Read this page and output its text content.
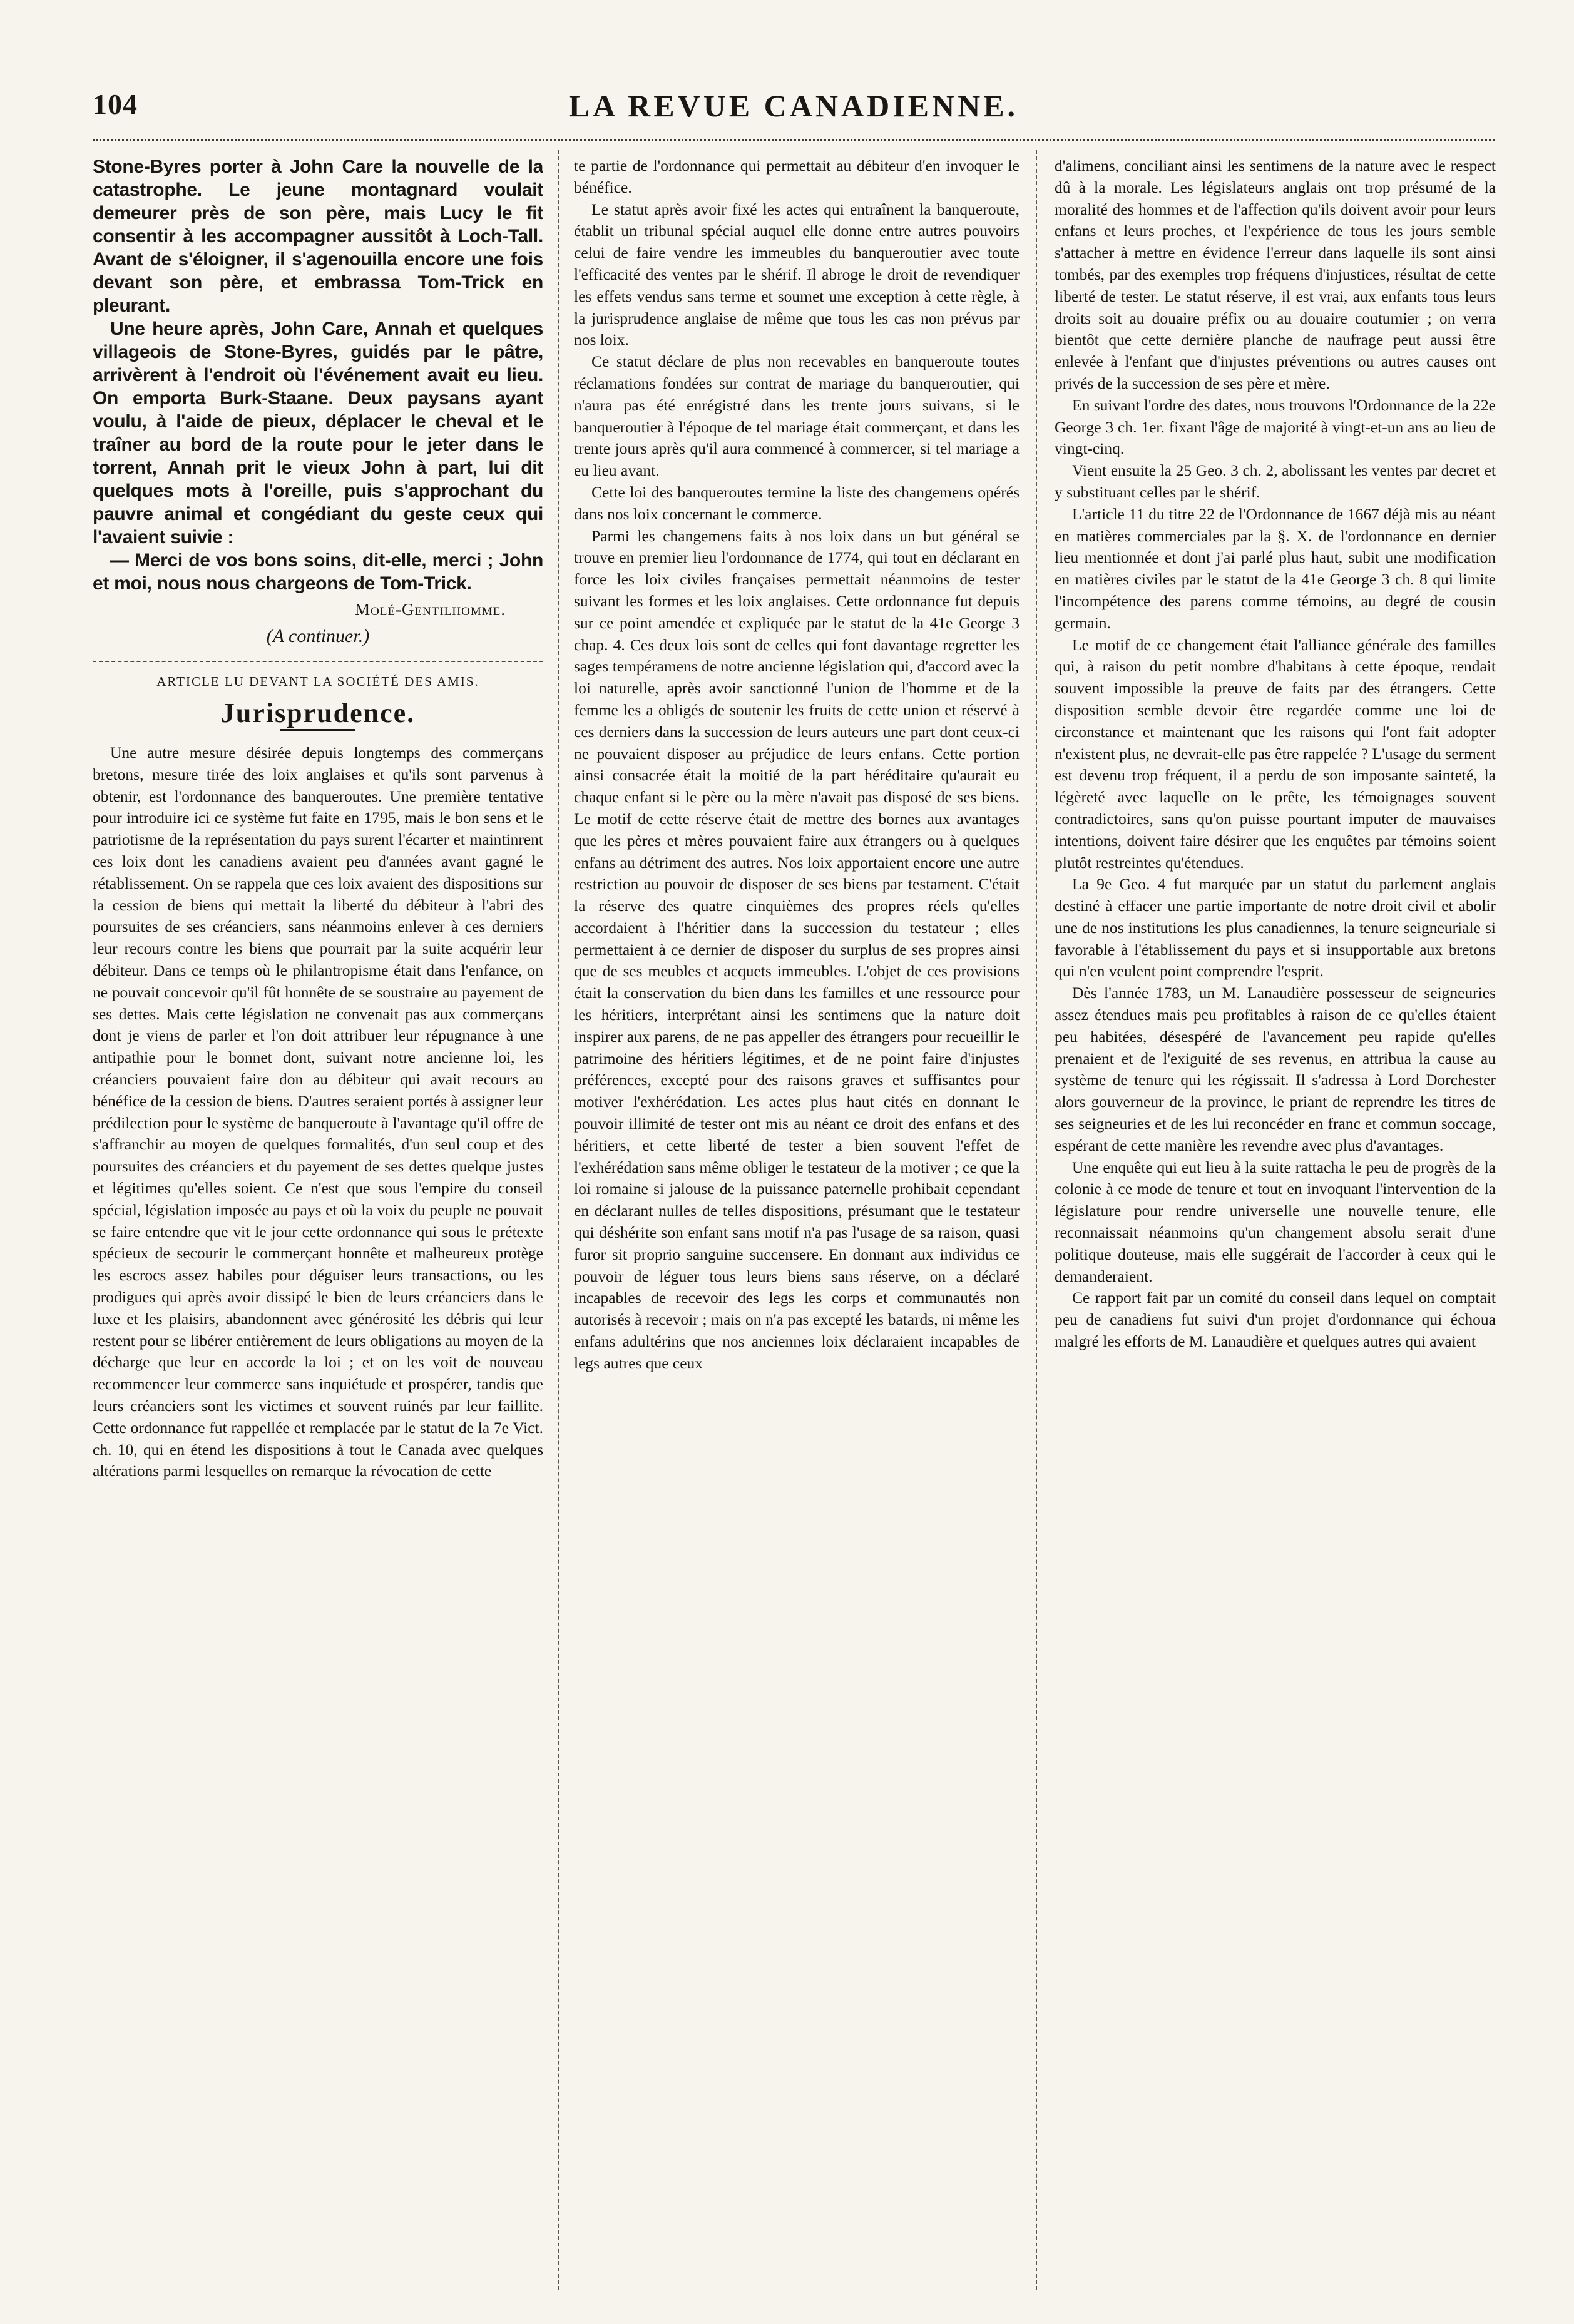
104	LA REVUE CANADIENNE.

Stone-Byres porter à John Care la nouvelle de la catastrophe. Le jeune montagnard voulait demeurer près de son père, mais Lucy le fit consentir à les accompagner aussitôt à Loch-Tall. Avant de s'éloigner, il s'agenouilla encore une fois devant son père, et embrassa Tom-Trick en pleurant.

Une heure après, John Care, Annah et quelques villageois de Stone-Byres, guidés par le pâtre, arrivèrent à l'endroit où l'événement avait eu lieu. On emporta Burk-Staane. Deux paysans ayant voulu, à l'aide de pieux, déplacer le cheval et le traîner au bord de la route pour le jeter dans le torrent, Annah prit le vieux John à part, lui dit quelques mots à l'oreille, puis s'approchant du pauvre animal et congédiant du geste ceux qui l'avaient suivie :

— Merci de vos bons soins, dit-elle, merci ; John et moi, nous nous chargeons de Tom-Trick.

Molé-Gentilhomme.
(A continuer.)
ARTICLE LU DEVANT LA SOCIÉTÉ DES AMIS.
Jurisprudence.

Une autre mesure désirée depuis longtemps des commerçans bretons, mesure tirée des loix anglaises et qu'ils sont parvenus à obtenir, est l'ordonnance des banqueroutes. Une première tentative pour introduire ici ce système fut faite en 1795, mais le bon sens et le patriotisme de la représentation du pays surent l'écarter et maintinrent ces loix dont les canadiens avaient peu d'années avant gagné le rétablissement. On se rappela que ces loix avaient des dispositions sur la cession de biens qui mettait la liberté du débiteur à l'abri des poursuites de ses créanciers, sans néanmoins enlever à ces derniers leur recours contre les biens que pourrait par la suite acquérir leur débiteur. Dans ce temps où le philantropisme était dans l'enfance, on ne pouvait concevoir qu'il fût honnête de se soustraire au payement de ses dettes. Mais cette législation ne convenait pas aux commerçans dont je viens de parler et l'on doit attribuer leur répugnance à une antipathie pour le bonnet dont, suivant notre ancienne loi, les créanciers pouvaient faire don au débiteur qui avait recours au bénéfice de la cession de biens. D'autres seraient portés à assigner leur prédilection pour le système de banqueroute à l'avantage qu'il offre de s'affranchir au moyen de quelques formalités, d'un seul coup et des poursuites des créanciers et du payement de ses dettes quelque justes et légitimes qu'elles soient. Ce n'est que sous l'empire du conseil spécial, législation imposée au pays et où la voix du peuple ne pouvait se faire entendre que vit le jour cette ordonnance qui sous le prétexte spécieux de secourir le commerçant honnête et malheureux protège les escrocs assez habiles pour déguiser leurs transactions, ou les prodigues qui après avoir dissipé le bien de leurs créanciers dans le luxe et les plaisirs, abandonnent avec générosité les débris qui leur restent pour se libérer entièrement de leurs obligations au moyen de la décharge que leur en accorde la loi ; et on les voit de nouveau recommencer leur commerce sans inquiétude et prospérer, tandis que leurs créanciers sont les victimes et souvent ruinés par leur faillite. Cette ordonnance fut rappellée et remplacée par le statut de la 7e Vict. ch. 10, qui en étend les dispositions à tout le Canada avec quelques altérations parmi lesquelles on remarque la révocation de cette

te partie de l'ordonnance qui permettait au débiteur d'en invoquer le bénéfice.

Le statut après avoir fixé les actes qui entraînent la banqueroute, établit un tribunal spécial auquel elle donne entre autres pouvoirs celui de faire vendre les immeubles du banqueroutier avec toute l'efficacité des ventes par le shérif. Il abroge le droit de revendiquer les effets vendus sans terme et soumet une exception à cette règle, à la jurisprudence anglaise de même que tous les cas non prévus par nos loix.

Ce statut déclare de plus non recevables en banqueroute toutes réclamations fondées sur contrat de mariage du banqueroutier, qui n'aura pas été enrégistré dans les trente jours suivans, si le banqueroutier à l'époque de tel mariage était commerçant, et dans les trente jours après qu'il aura commencé à commercer, si tel mariage a eu lieu avant.

Cette loi des banqueroutes termine la liste des changemens opérés dans nos loix concernant le commerce.

Parmi les changemens faits à nos loix dans un but général se trouve en premier lieu l'ordonnance de 1774, qui tout en déclarant en force les loix civiles françaises permettait néanmoins de tester suivant les formes et les loix anglaises. Cette ordonnance fut depuis sur ce point amendée et expliquée par le statut de la 41e George 3 chap. 4. Ces deux lois sont de celles qui font davantage regretter les sages tempéramens de notre ancienne législation qui, d'accord avec la loi naturelle, après avoir sanctionné l'union de l'homme et de la femme les a obligés de soutenir les fruits de cette union et réservé à ces derniers dans la succession de leurs auteurs une part dont ceux-ci ne pouvaient disposer au préjudice de leurs enfans. Cette portion ainsi consacrée était la moitié de la part héréditaire qu'aurait eu chaque enfant si le père ou la mère n'avait pas disposé de ses biens. Le motif de cette réserve était de mettre des bornes aux avantages que les pères et mères pouvaient faire aux étrangers ou à quelques enfans au détriment des autres. Nos loix apportaient encore une autre restriction au pouvoir de disposer de ses biens par testament. C'était la réserve des quatre cinquièmes des propres réels qu'elles accordaient à l'héritier dans la succession du testateur ; elles permettaient à ce dernier de disposer du surplus de ses propres ainsi que de ses meubles et acquets immeubles. L'objet de ces provisions était la conservation du bien dans les familles et une ressource pour les héritiers, interprétant ainsi les sentimens que la nature doit inspirer aux parens, de ne pas appeller des étrangers pour recueillir le patrimoine des héritiers légitimes, et de ne point faire d'injustes préférences, excepté pour des raisons graves et suffisantes pour motiver l'exhérédation. Les actes plus haut cités en donnant le pouvoir illimité de tester ont mis au néant ce droit des enfans et des héritiers, et cette liberté de tester a bien souvent l'effet de l'exhérédation sans même obliger le testateur de la motiver ; ce que la loi romaine si jalouse de la puissance paternelle prohibait cependant en déclarant nulles de telles dispositions, présumant que le testateur qui déshérite son enfant sans motif n'a pas l'usage de sa raison, quasi furor sit proprio sanguine succensere. En donnant aux individus ce pouvoir de léguer tous leurs biens sans réserve, on a déclaré incapables de recevoir des legs les corps et communautés non autorisés à recevoir ; mais on n'a pas excepté les batards, ni même les enfans adultérins que nos anciennes loix déclaraient incapables de legs autres que ceux

d'alimens, conciliant ainsi les sentimens de la nature avec le respect dû à la morale. Les législateurs anglais ont trop présumé de la moralité des hommes et de l'affection qu'ils doivent avoir pour leurs enfans et leurs proches, et l'expérience de tous les jours semble s'attacher à mettre en évidence l'erreur dans laquelle ils sont ainsi tombés, par des exemples trop fréquens d'injustices, résultat de cette liberté de tester. Le statut réserve, il est vrai, aux enfants tous leurs droits soit au douaire préfix ou au douaire coutumier ; on verra bientôt que cette dernière planche de naufrage peut aussi être enlevée à l'enfant que d'injustes préventions ou autres causes ont privés de la succession de ses père et mère.

En suivant l'ordre des dates, nous trouvons l'Ordonnance de la 22e George 3 ch. 1er. fixant l'âge de majorité à vingt-et-un ans au lieu de vingt-cinq.

Vient ensuite la 25 Geo. 3 ch. 2, abolissant les ventes par decret et y substituant celles par le shérif.

L'article 11 du titre 22 de l'Ordonnance de 1667 déjà mis au néant en matières commerciales par la §. X. de l'ordonnance en dernier lieu mentionnée et dont j'ai parlé plus haut, subit une modification en matières civiles par le statut de la 41e George 3 ch. 8 qui limite l'incompétence des parens comme témoins, au degré de cousin germain.

Le motif de ce changement était l'alliance générale des familles qui, à raison du petit nombre d'habitans à cette époque, rendait souvent impossible la preuve de faits par des étrangers. Cette disposition semble devoir être regardée comme une loi de circonstance et maintenant que les raisons qui l'ont fait adopter n'existent plus, ne devrait-elle pas être rappelée ? L'usage du serment est devenu trop fréquent, il a perdu de son imposante sainteté, la légèreté avec laquelle on le prête, les témoignages souvent contradictoires, sans qu'on puisse pourtant imputer de mauvaises intentions, doivent faire désirer que les enquêtes par témoins soient plutôt restreintes qu'étendues.

La 9e Geo. 4 fut marquée par un statut du parlement anglais destiné à effacer une partie importante de notre droit civil et abolir une de nos institutions les plus canadiennes, la tenure seigneuriale si favorable à l'établissement du pays et si insupportable aux bretons qui n'en veulent point comprendre l'esprit.

Dès l'année 1783, un M. Lanaudière possesseur de seigneuries assez étendues mais peu profitables à raison de ce qu'elles étaient peu habitées, désespéré de l'avancement peu rapide qu'elles prenaient et de l'exiguité de ses revenus, en attribua la cause au système de tenure qui les régissait. Il s'adressa à Lord Dorchester alors gouverneur de la province, le priant de reprendre les titres de ses seigneuries et de les lui reconcéder en franc et commun soccage, espérant de cette manière les revendre avec plus d'avantages.

Une enquête qui eut lieu à la suite rattacha le peu de progrès de la colonie à ce mode de tenure et tout en invoquant l'intervention de la législature pour rendre universelle une nouvelle tenure, elle reconnaissait néanmoins qu'un changement absolu serait d'une politique douteuse, mais elle suggérait de l'accorder à ceux qui le demanderaient.

Ce rapport fait par un comité du conseil dans lequel on comptait peu de canadiens fut suivi d'un projet d'ordonnance qui échoua malgré les efforts de M. Lanaudière et quelques autres qui avaient
